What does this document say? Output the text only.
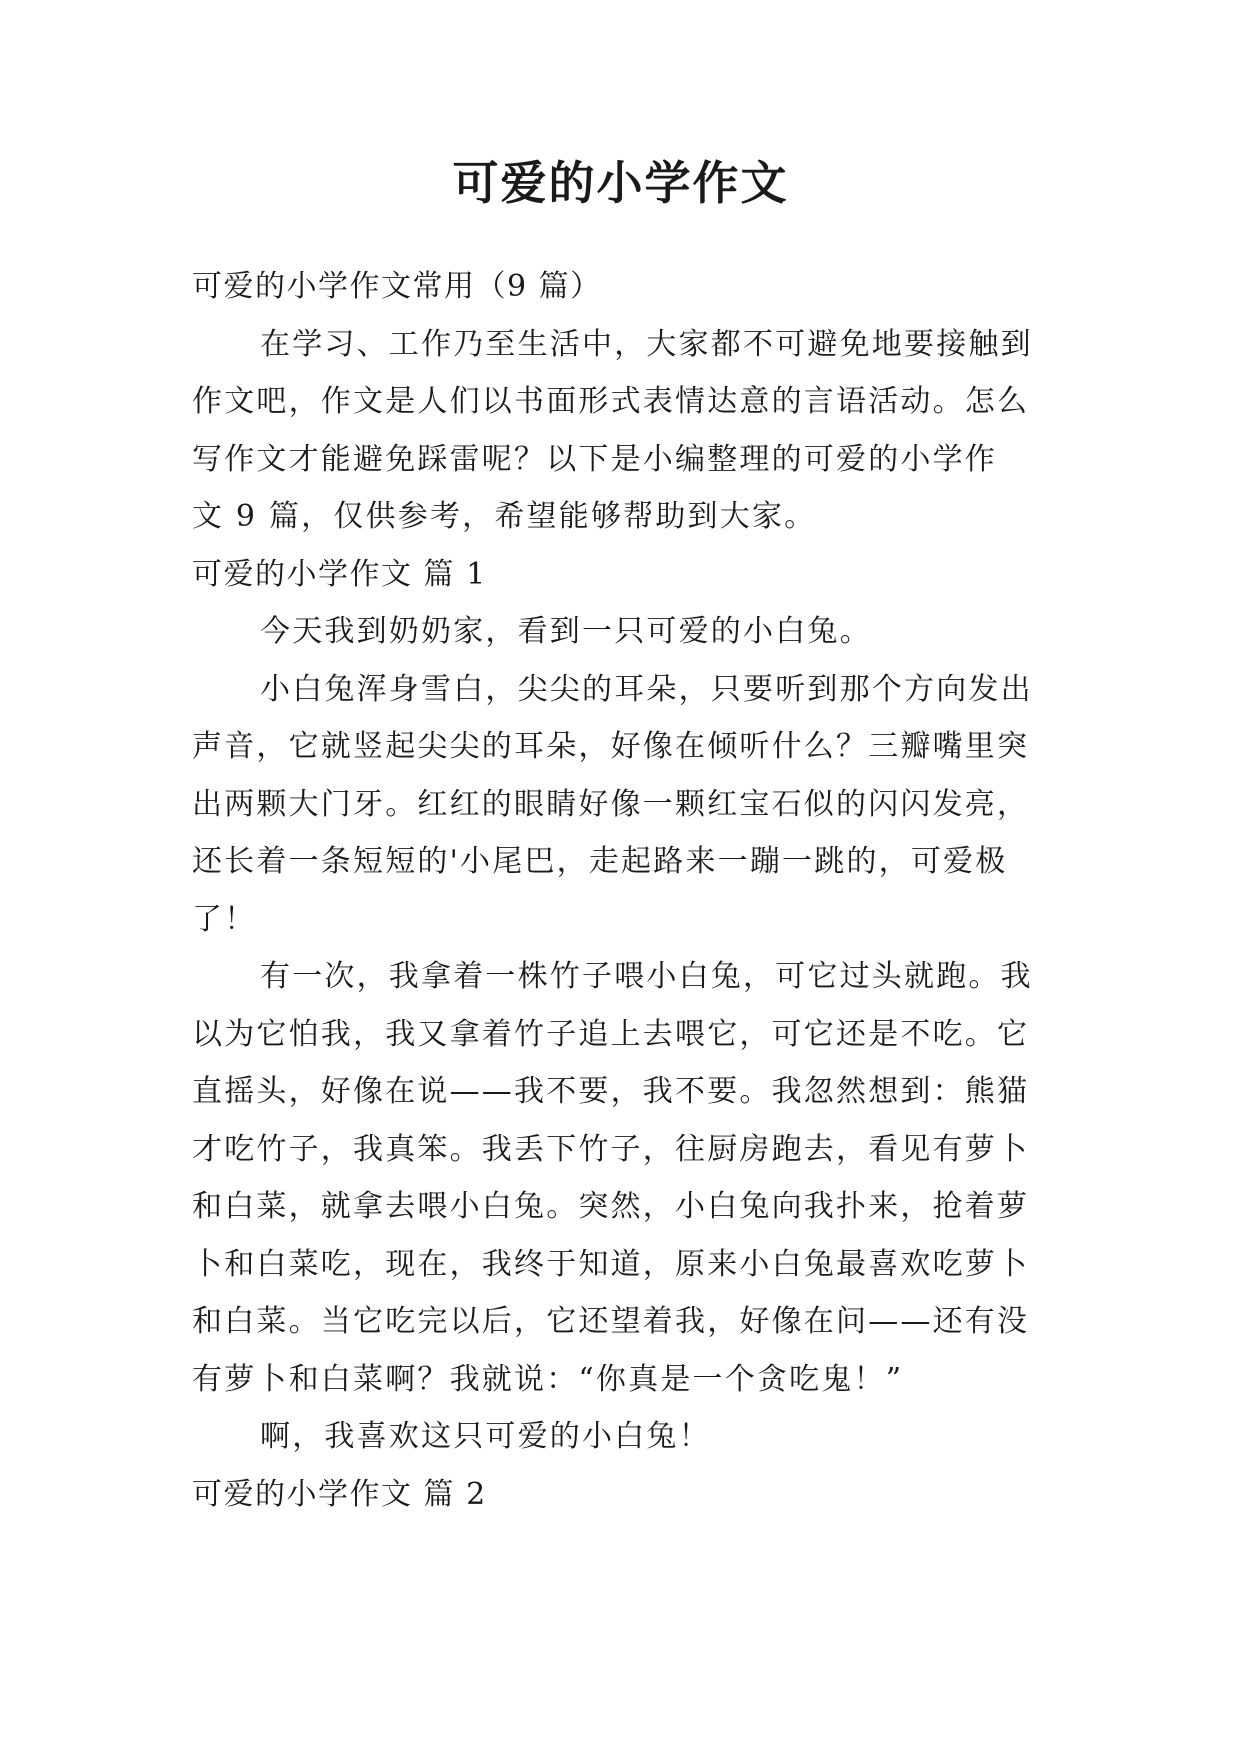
可爱的小学作文

可爱的小学作文常用（9 篇）

在学习、工作乃至生活中，大家都不可避免地要接触到

作文吧，作文是人们以书面形式表情达意的言语活动。怎么

写作文才能避免踩雷呢？以下是小编整理的可爱的小学作

文 9 篇，仅供参考，希望能够帮助到大家。

可爱的小学作文 篇 1

今天我到奶奶家，看到一只可爱的小白兔。

小白兔浑身雪白，尖尖的耳朵，只要听到那个方向发出

声音，它就竖起尖尖的耳朵，好像在倾听什么？三瓣嘴里突

出两颗大门牙。红红的眼睛好像一颗红宝石似的闪闪发亮，

还长着一条短短的'小尾巴，走起路来一蹦一跳的，可爱极

了！

有一次，我拿着一株竹子喂小白兔，可它过头就跑。我

以为它怕我，我又拿着竹子追上去喂它，可它还是不吃。它

直摇头，好像在说——我不要，我不要。我忽然想到：熊猫

才吃竹子，我真笨。我丢下竹子，往厨房跑去，看见有萝卜

和白菜，就拿去喂小白兔。突然，小白兔向我扑来，抢着萝

卜和白菜吃，现在，我终于知道，原来小白兔最喜欢吃萝卜

和白菜。当它吃完以后，它还望着我，好像在问——还有没

有萝卜和白菜啊？我就说：“你真是一个贪吃鬼！”

啊，我喜欢这只可爱的小白兔！

可爱的小学作文 篇 2
